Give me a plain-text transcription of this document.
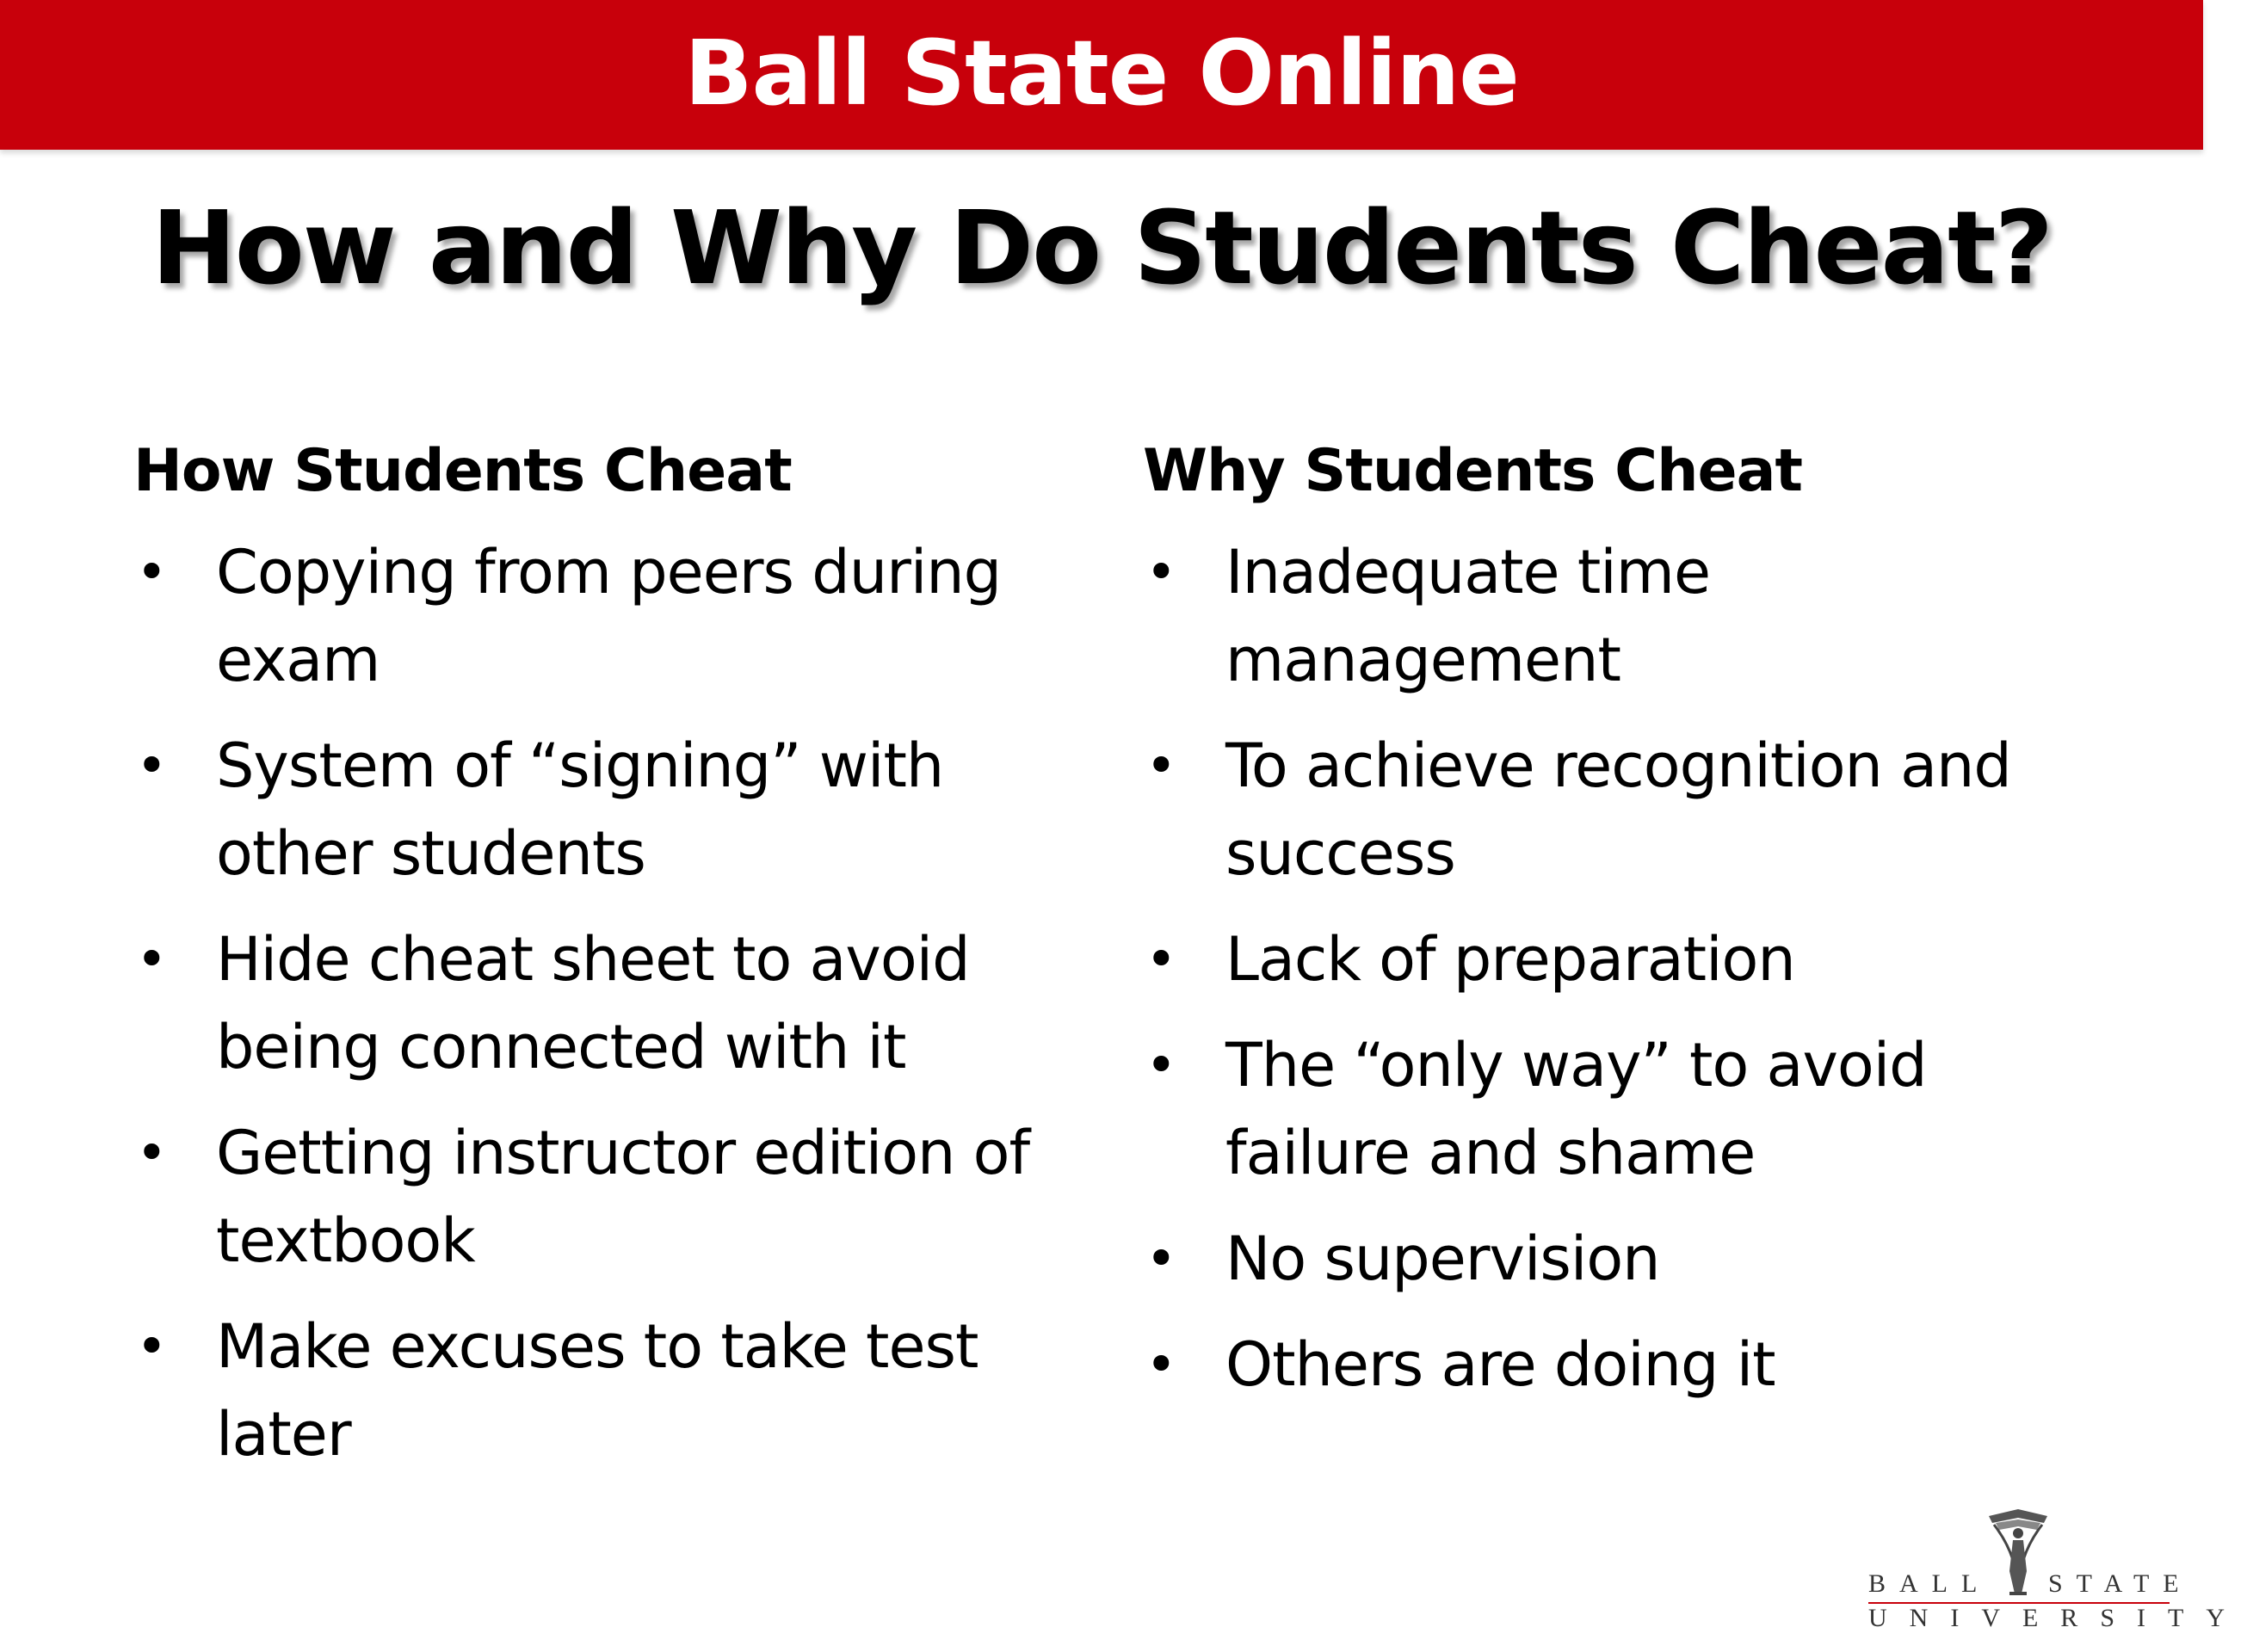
Ball State Online
How and Why Do Students Cheat?
How Students Cheat
• Copying from peers during exam
• System of “signing” with other students
• Hide cheat sheet to avoid being connected with it
• Getting instructor edition of textbook
• Make excuses to take test later
Why Students Cheat
• Inadequate time management
• To achieve recognition and success
• Lack of preparation
• The “only way” to avoid failure and shame
• No supervision
• Others are doing it
BALL STATE
UNIVERSITY
